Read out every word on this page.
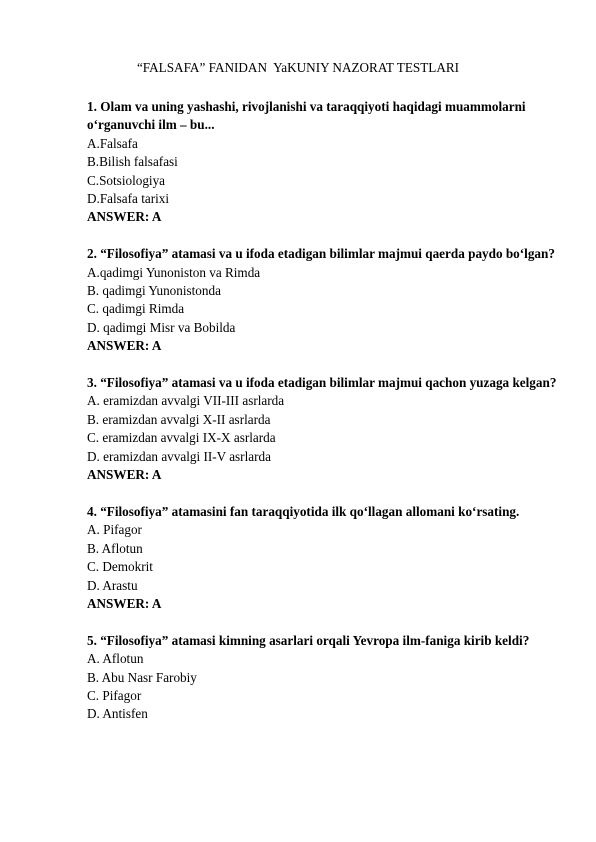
“FALSAFA” FANIDAN  YaKUNIY NAZORAT TESTLARI
1. Olam va uning yashashi, rivojlanishi va taraqqiyoti haqidagi muammolarni o‘rganuvchi ilm – bu...
A.Falsafa
B.Bilish falsafasi
C.Sotsiologiya
D.Falsafa tarixi
ANSWER: A
2. “Filosofiya” atamasi va u ifoda etadigan bilimlar majmui qaerda paydo bo‘lgan?
A.qadimgi Yunoniston va Rimda
B. qadimgi Yunonistonda
C. qadimgi Rimda
D. qadimgi Misr va Bobilda
ANSWER: A
3. “Filosofiya” atamasi va u ifoda etadigan bilimlar majmui qachon yuzaga kelgan?
A. eramizdan avvalgi VII-III asrlarda
B. eramizdan avvalgi X-II asrlarda
C. eramizdan avvalgi IX-X asrlarda
D. eramizdan avvalgi II-V asrlarda
ANSWER: A
4. “Filosofiya” atamasini fan taraqqiyotida ilk qo‘llagan allomani ko‘rsating.
A. Pifagor
B. Aflotun
C. Demokrit
D. Arastu
ANSWER: A
5. “Filosofiya” atamasi kimning asarlari orqali Yevropa ilm-faniga kirib keldi?
A. Aflotun
B. Abu Nasr Farobiy
C. Pifagor
D. Antisfen
